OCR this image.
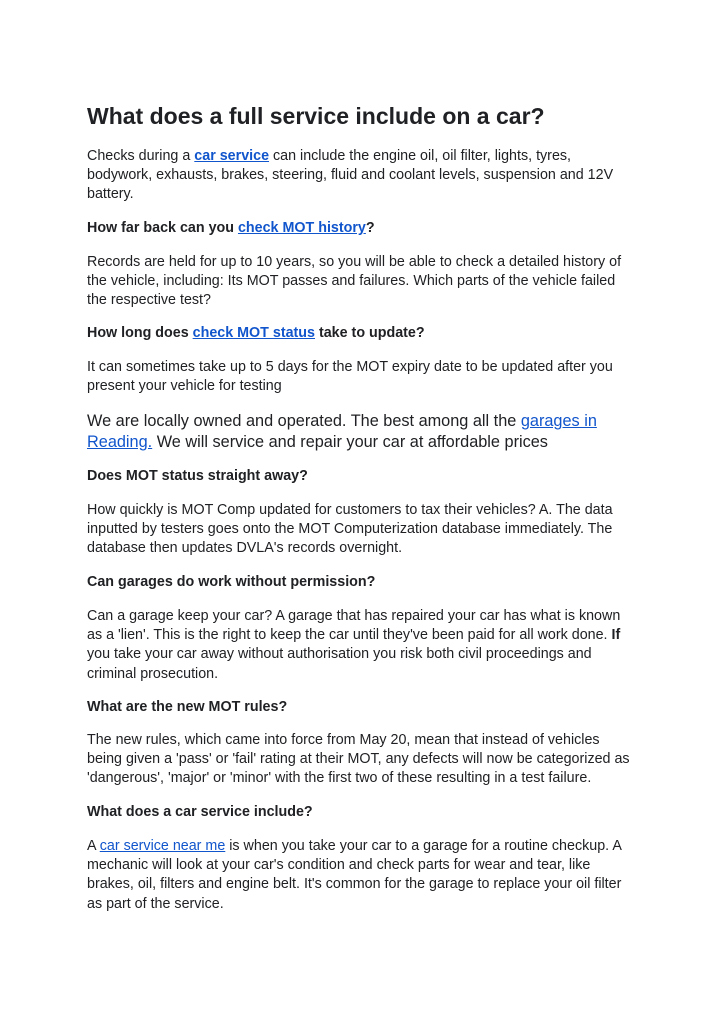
What does a full service include on a car?

Checks during a car service can include the engine oil, oil filter, lights, tyres, bodywork, exhausts, brakes, steering, fluid and coolant levels, suspension and 12V battery.

How far back can you check MOT history?

Records are held for up to 10 years, so you will be able to check a detailed history of the vehicle, including: Its MOT passes and failures. Which parts of the vehicle failed the respective test?

How long does check MOT status take to update?

It can sometimes take up to 5 days for the MOT expiry date to be updated after you present your vehicle for testing

We are locally owned and operated. The best among all the garages in Reading. We will service and repair your car at affordable prices

Does MOT status straight away?

How quickly is MOT Comp updated for customers to tax their vehicles? A. The data inputted by testers goes onto the MOT Computerization database immediately. The database then updates DVLA's records overnight.

Can garages do work without permission?

Can a garage keep your car? A garage that has repaired your car has what is known as a 'lien'. This is the right to keep the car until they've been paid for all work done. If you take your car away without authorisation you risk both civil proceedings and criminal prosecution.

What are the new MOT rules?

The new rules, which came into force from May 20, mean that instead of vehicles being given a 'pass' or 'fail' rating at their MOT, any defects will now be categorized as 'dangerous', 'major' or 'minor' with the first two of these resulting in a test failure.

What does a car service include?

A car service near me is when you take your car to a garage for a routine checkup. A mechanic will look at your car's condition and check parts for wear and tear, like brakes, oil, filters and engine belt. It's common for the garage to replace your oil filter as part of the service.
